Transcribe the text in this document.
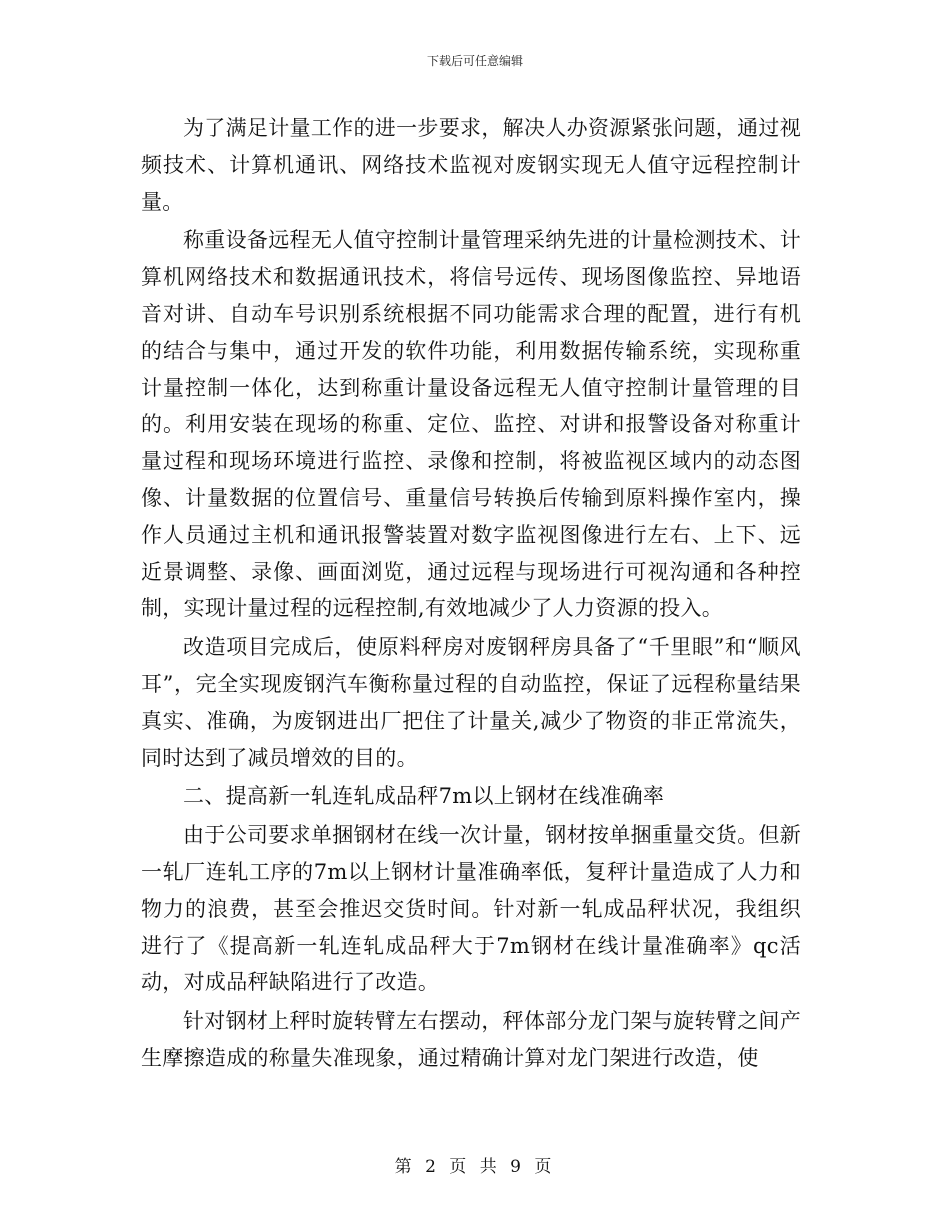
下载后可任意编辑

为了满足计量工作的进一步要求，解决人办资源紧张问题，通过视频技术、计算机通讯、网络技术监视对废钢实现无人值守远程控制计量。

称重设备远程无人值守控制计量管理采纳先进的计量检测技术、计算机网络技术和数据通讯技术，将信号远传、现场图像监控、异地语音对讲、自动车号识别系统根据不同功能需求合理的配置，进行有机的结合与集中，通过开发的软件功能，利用数据传输系统，实现称重计量控制一体化，达到称重计量设备远程无人值守控制计量管理的目的。利用安装在现场的称重、定位、监控、对讲和报警设备对称重计量过程和现场环境进行监控、录像和控制，将被监视区域内的动态图像、计量数据的位置信号、重量信号转换后传输到原料操作室内，操作人员通过主机和通讯报警装置对数字监视图像进行左右、上下、远近景调整、录像、画面浏览，通过远程与现场进行可视沟通和各种控制，实现计量过程的远程控制,有效地减少了人力资源的投入。

改造项目完成后，使原料秤房对废钢秤房具备了“千里眼”和“顺风耳”，完全实现废钢汽车衡称量过程的自动监控，保证了远程称量结果真实、准确，为废钢进出厂把住了计量关,减少了物资的非正常流失，同时达到了减员增效的目的。

二、提高新一轧连轧成品秤7m以上钢材在线准确率

由于公司要求单捆钢材在线一次计量，钢材按单捆重量交货。但新一轧厂连轧工序的7m以上钢材计量准确率低，复秤计量造成了人力和物力的浪费，甚至会推迟交货时间。针对新一轧成品秤状况，我组织进行了《提高新一轧连轧成品秤大于7m钢材在线计量准确率》qc活动，对成品秤缺陷进行了改造。

针对钢材上秤时旋转臂左右摆动，秤体部分龙门架与旋转臂之间产生摩擦造成的称量失准现象，通过精确计算对龙门架进行改造，使

第 2 页 共 9 页
